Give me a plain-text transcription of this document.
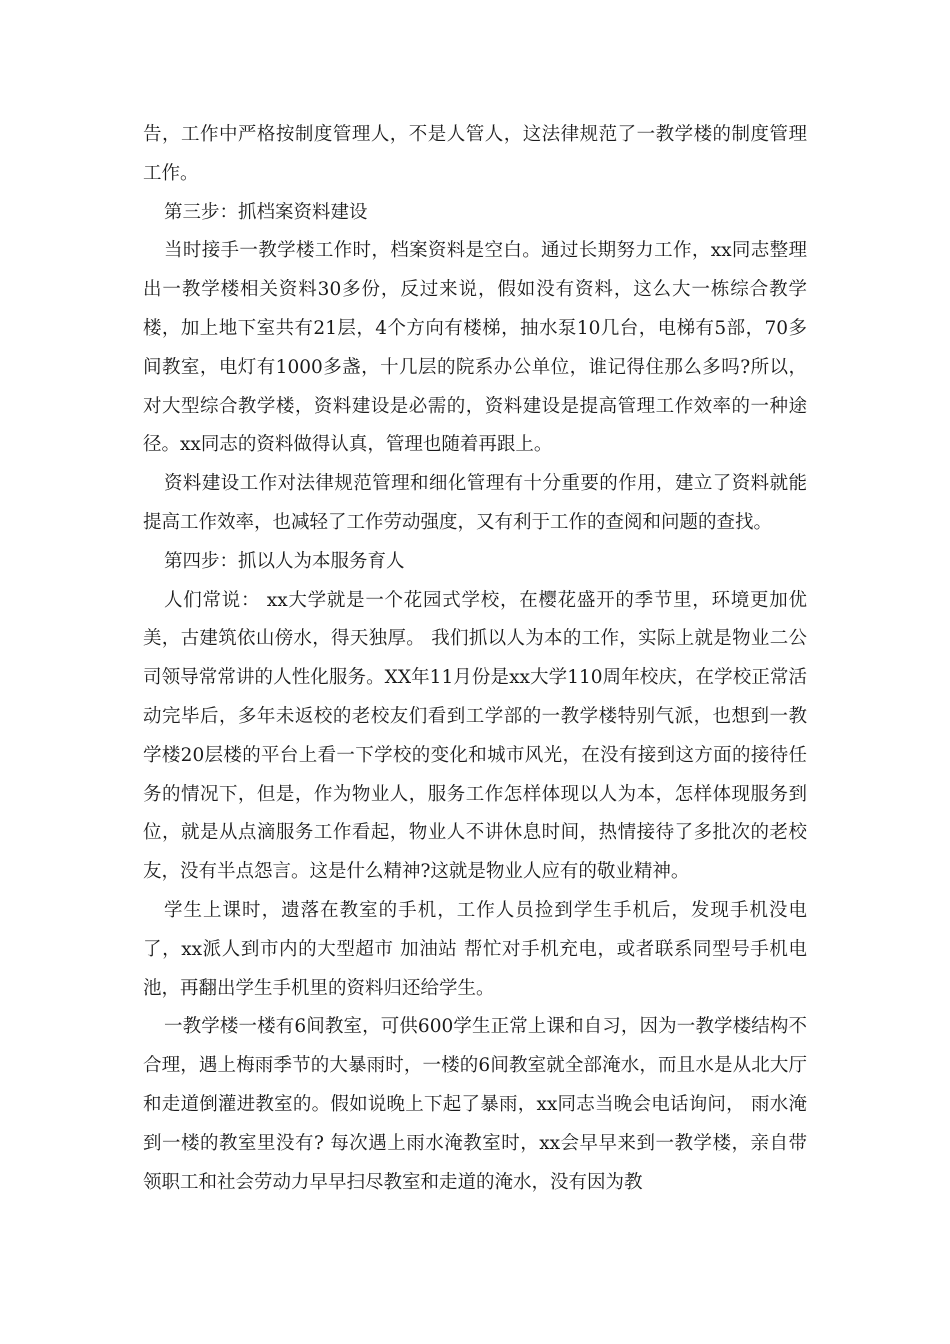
告，工作中严格按制度管理人，不是人管人，这法律规范了一教学楼的制度管理工作。

第三步：抓档案资料建设

当时接手一教学楼工作时，档案资料是空白。通过长期努力工作，xx同志整理出一教学楼相关资料30多份，反过来说，假如没有资料，这么大一栋综合教学楼，加上地下室共有21层，4个方向有楼梯，抽水泵10几台，电梯有5部，70多间教室，电灯有1000多盏，十几层的院系办公单位，谁记得住那么多吗?所以，对大型综合教学楼，资料建设是必需的，资料建设是提高管理工作效率的一种途径。xx同志的资料做得认真，管理也随着再跟上。

资料建设工作对法律规范管理和细化管理有十分重要的作用，建立了资料就能提高工作效率，也减轻了工作劳动强度，又有利于工作的查阅和问题的查找。

第四步：抓以人为本服务育人

人们常说： xx大学就是一个花园式学校，在樱花盛开的季节里，环境更加优美，古建筑依山傍水，得天独厚。 我们抓以人为本的工作，实际上就是物业二公司领导常常讲的人性化服务。XX年11月份是xx大学110周年校庆，在学校正常活动完毕后，多年未返校的老校友们看到工学部的一教学楼特别气派，也想到一教学楼20层楼的平台上看一下学校的变化和城市风光，在没有接到这方面的接待任务的情况下，但是，作为物业人，服务工作怎样体现以人为本，怎样体现服务到位，就是从点滴服务工作看起，物业人不讲休息时间，热情接待了多批次的老校友，没有半点怨言。这是什么精神?这就是物业人应有的敬业精神。

学生上课时，遗落在教室的手机，工作人员捡到学生手机后，发现手机没电了，xx派人到市内的大型超市 加油站 帮忙对手机充电，或者联系同型号手机电池，再翻出学生手机里的资料归还给学生。

一教学楼一楼有6间教室，可供600学生正常上课和自习，因为一教学楼结构不合理，遇上梅雨季节的大暴雨时，一楼的6间教室就全部淹水，而且水是从北大厅和走道倒灌进教室的。假如说晚上下起了暴雨，xx同志当晚会电话询问， 雨水淹到一楼的教室里没有? 每次遇上雨水淹教室时，xx会早早来到一教学楼，亲自带领职工和社会劳动力早早扫尽教室和走道的淹水，没有因为教
